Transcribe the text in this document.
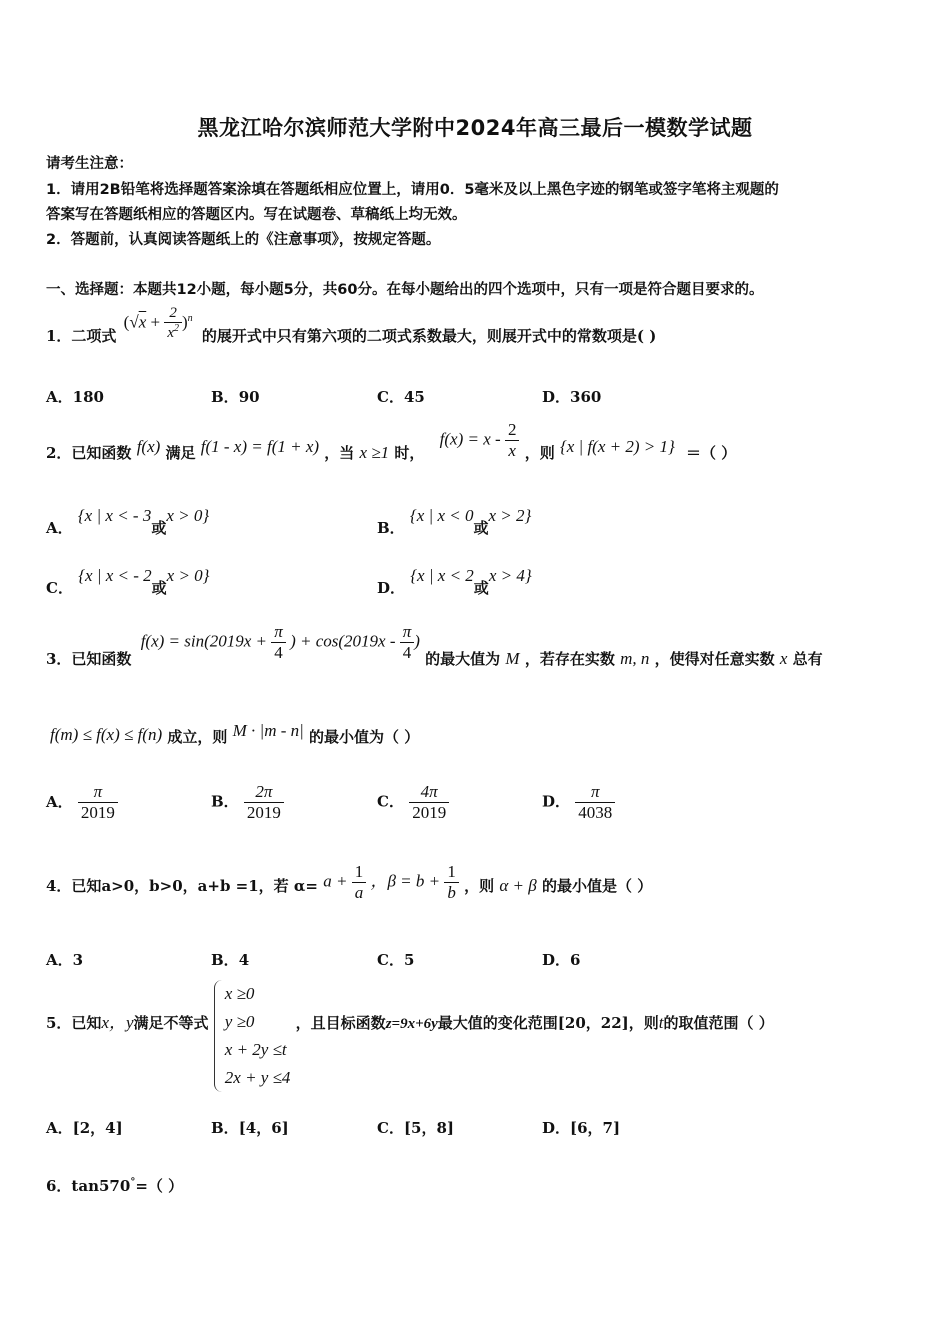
黑龙江哈尔滨师范大学附中2024年高三最后一模数学试题
请考生注意：
1．请用2B铅笔将选择题答案涂填在答题纸相应位置上，请用0．5毫米及以上黑色字迹的钢笔或签字笔将主观题的
答案写在答题纸相应的答题区内。写在试题卷、草稿纸上均无效。
2．答题前，认真阅读答题纸上的《注意事项》，按规定答题。
一、选择题：本题共12小题，每小题5分，共60分。在每小题给出的四个选项中，只有一项是符合题目要求的。
1．二项式 $(√x + \frac{2}{x^2} )^n$ 的展开式中只有第六项的二项式系数最大，则展开式中的常数项是( )
A．180	B．90	C．45	D．360
2．已知函数 f(x) 满足 f(1 - x) = f(1 + x) ，当 x ≥1 时， $f(x) = x - \frac{2}{x}$ ，则 {x | f(x + 2) > 1} ＝（ ）
A． {x | x < - 3或x > 0}
B． {x | x < 0或x > 2}
C． {x | x < - 2或x > 0}
D． {x | x < 2或x > 4}
3．已知函数 $f(x) = \sin(2019x + \frac{\pi}{4}$ ) + $\cos(2019x - \frac{\pi}{4}$ ) 的最大值为 M ，若存在实数 m, n ，使得对任意实数 x 总有
f(m) ≤ f(x) ≤ f(n) 成立，则 M · |m - n| 的最小值为（ ）
A． $\frac{\pi}{2019}$	B． $\frac{2\pi}{2019}$	C． $\frac{4\pi}{2019}$	D． $\frac{\pi}{4038}$
4．已知a>0，b>0，a+b =1，若 $\alpha= a + \frac{1}{a}$ ，$\beta = b + \frac{1}{b}$ ，则 α + β 的最小值是（ ）
A．3	B．4	C．5	D．6
5．已知x，y满足不等式
x ≥0
y ≥0
x + 2y ≤t
2x + y ≤4
，且目标函数z=9x+6y最大值的变化范围[20，22]，则t的取值范围（ ）
A．[2，4]	B．[4，6]	C．[5，8]	D．[6，7]
6．tan570°=（ ）
